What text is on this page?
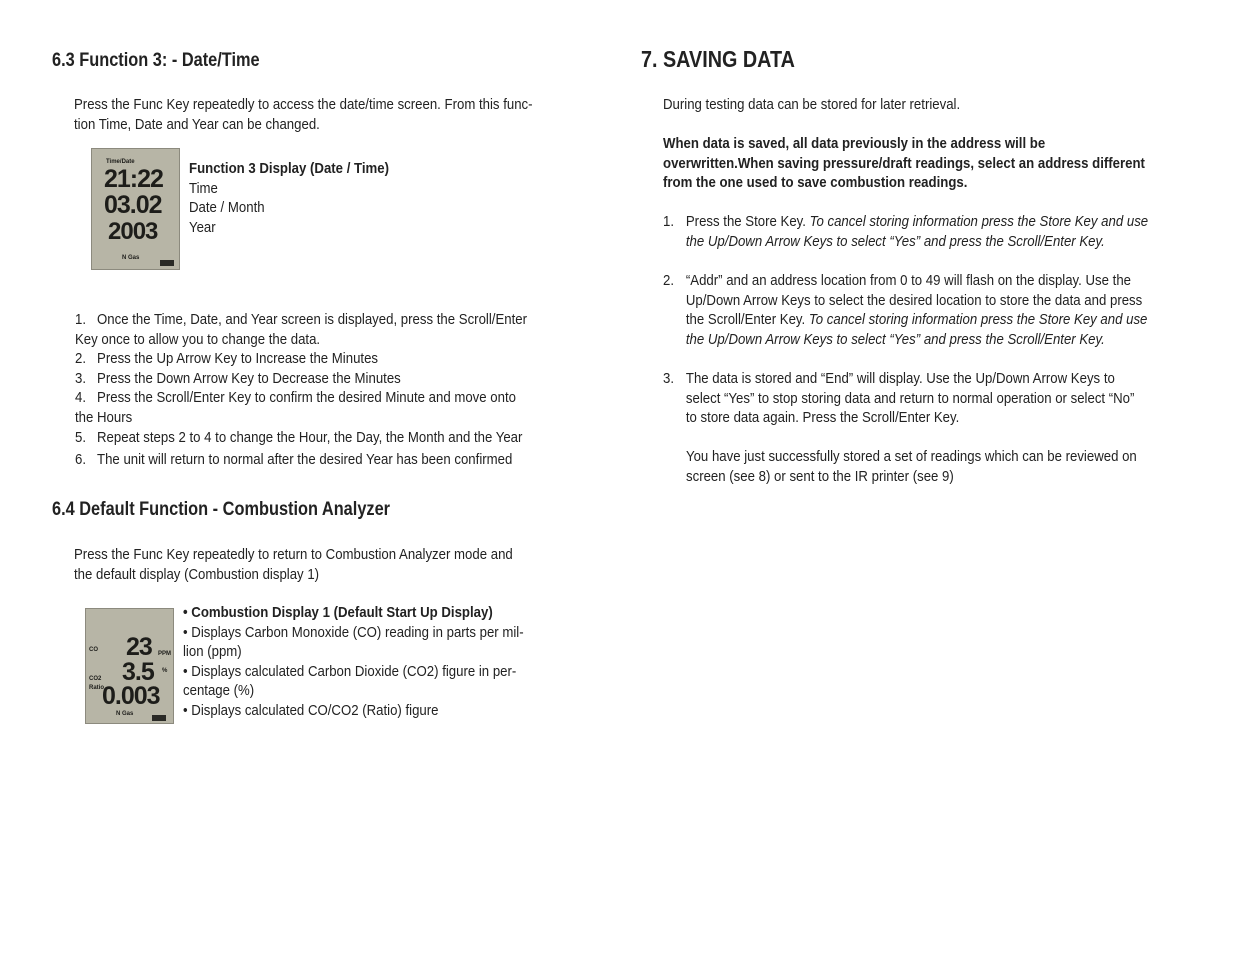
6.3 Function 3: - Date/Time

Press the Func Key repeatedly to access the date/time screen. From this func-

tion Time, Date and Year can be changed.

Time/Date
21:22
03.02
2003
N Gas

Function 3 Display (Date / Time)

Time

Date / Month

Year

1. Once the Time, Date, and Year screen is displayed, press the Scroll/Enter

Key once to allow you to change the data.

2. Press the Up Arrow Key to Increase the Minutes

3. Press the Down Arrow Key to Decrease the Minutes

4. Press the Scroll/Enter Key to confirm the desired Minute and move onto

the Hours

5. Repeat steps 2 to 4 to change the Hour, the Day, the Month and the Year

6. The unit will return to normal after the desired Year has been confirmed

6.4 Default Function - Combustion Analyzer

Press the Func Key repeatedly to return to Combustion Analyzer mode and

the default display (Combustion display 1)

CO
CO2
Ratio
23 PPM
3.5 %
0.003
N Gas

• Combustion Display 1 (Default Start Up Display)

• Displays Carbon Monoxide (CO) reading in parts per mil-

lion (ppm)

• Displays calculated Carbon Dioxide (CO2) figure in per-

centage (%)

• Displays calculated CO/CO2 (Ratio) figure

7. SAVING DATA

During testing data can be stored for later retrieval.

When data is saved, all data previously in the address will be

overwritten.When saving pressure/draft readings, select an address different

from the one used to save combustion readings.

1. Press the Store Key. To cancel storing information press the Store Key and use

the Up/Down Arrow Keys to select “Yes” and press the Scroll/Enter Key.

2. “Addr” and an address location from 0 to 49 will flash on the display. Use the

Up/Down Arrow Keys to select the desired location to store the data and press

the Scroll/Enter Key. To cancel storing information press the Store Key and use

the Up/Down Arrow Keys to select “Yes” and press the Scroll/Enter Key.

3. The data is stored and “End” will display. Use the Up/Down Arrow Keys to

select “Yes” to stop storing data and return to normal operation or select “No”

to store data again. Press the Scroll/Enter Key.

You have just successfully stored a set of readings which can be reviewed on

screen (see 8) or sent to the IR printer (see 9)
